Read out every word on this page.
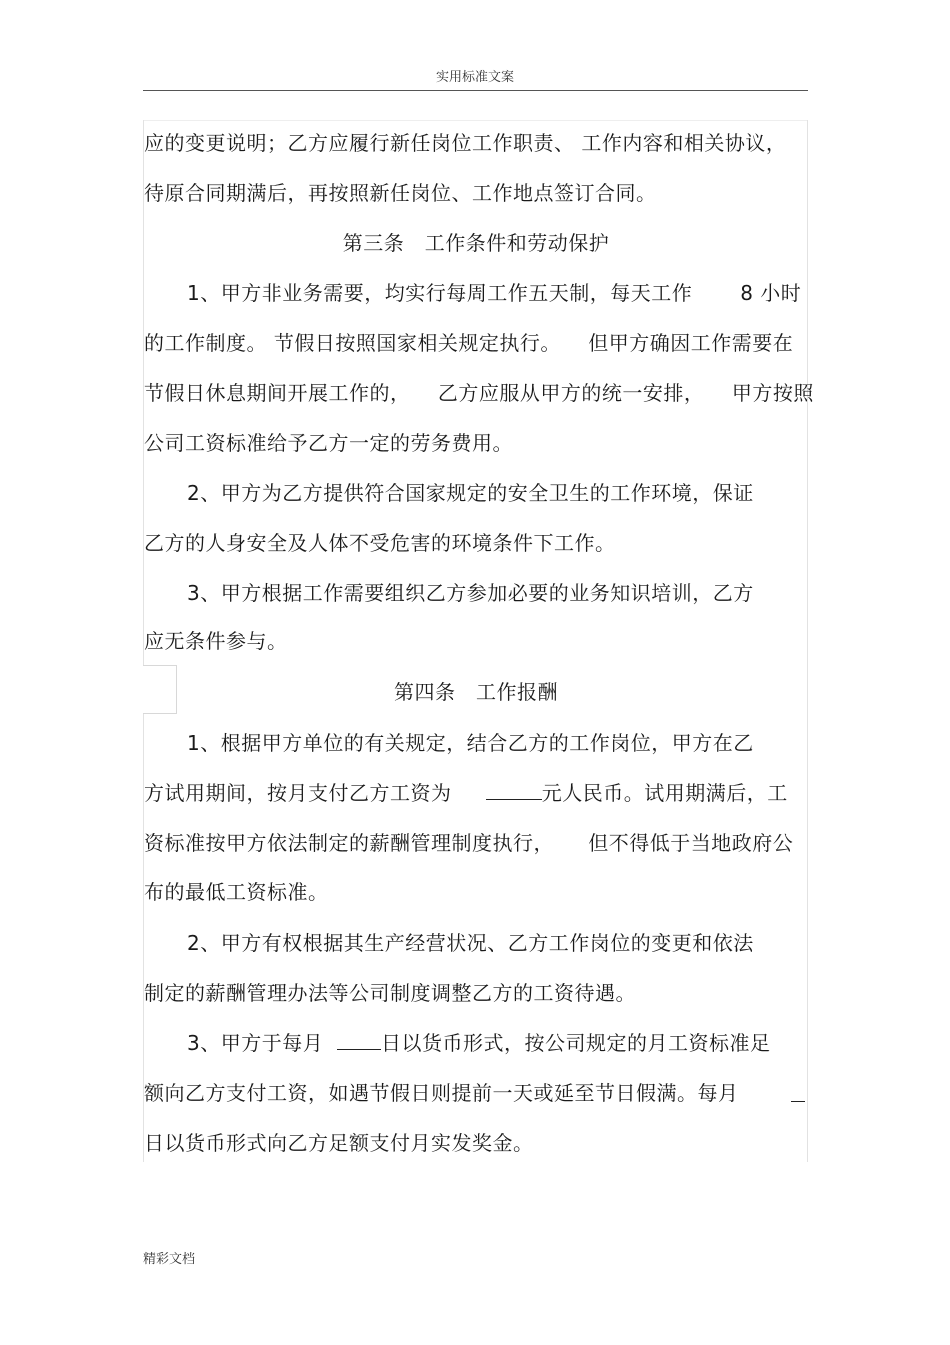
实用标准文案
应的变更说明；乙方应履行新任岗位工作职责、 工作内容和相关协议，
待原合同期满后，再按照新任岗位、工作地点签订合同。
第三条   工作条件和劳动保护
1、甲方非业务需要，均实行每周工作五天制，每天工作       8 小时
的工作制度。 节假日按照国家相关规定执行。    但甲方确因工作需要在
节假日休息期间开展工作的，    乙方应服从甲方的统一安排，    甲方按照
公司工资标准给予乙方一定的劳务费用。
2、甲方为乙方提供符合国家规定的安全卫生的工作环境，保证
乙方的人身安全及人体不受危害的环境条件下工作。
3、甲方根据工作需要组织乙方参加必要的业务知识培训，乙方
应无条件参与。
第四条   工作报酬
1、根据甲方单位的有关规定，结合乙方的工作岗位，甲方在乙
方试用期间，按月支付乙方工资为	元人民币。试用期满后，工
资标准按甲方依法制定的薪酬管理制度执行，     但不得低于当地政府公
布的最低工资标准。
2、甲方有权根据其生产经营状况、乙方工作岗位的变更和依法
制定的薪酬管理办法等公司制度调整乙方的工资待遇。
3、甲方于每月  日以货币形式，按公司规定的月工资标准足
额向乙方支付工资，如遇节假日则提前一天或延至节日假满。每月
日以货币形式向乙方足额支付月实发奖金。
精彩文档
